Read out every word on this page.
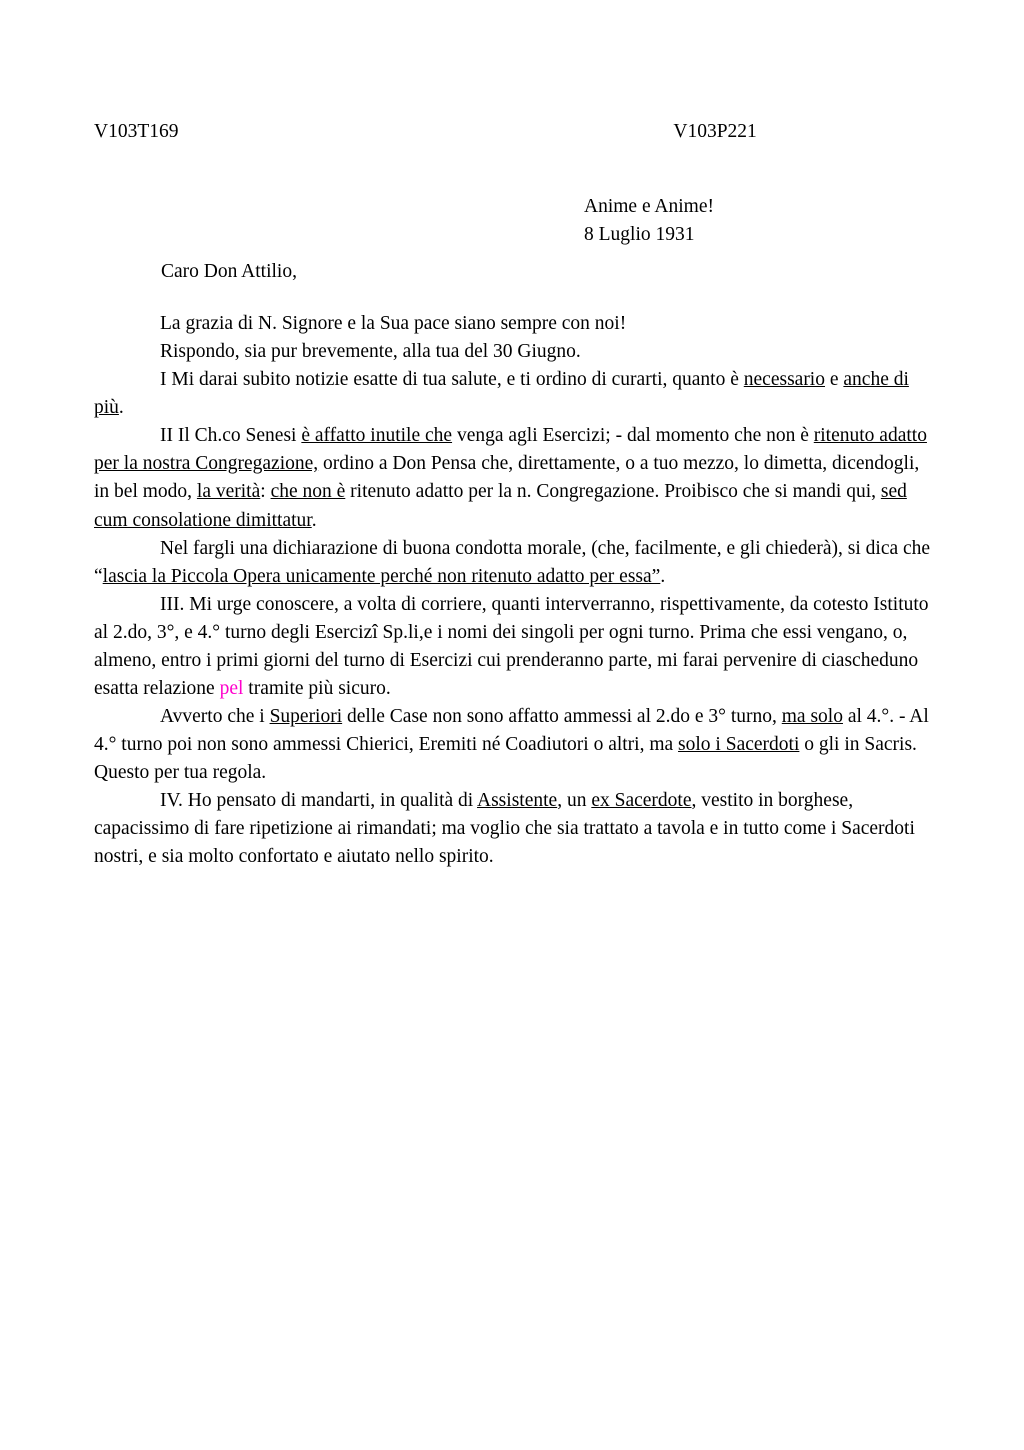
V103T169	V103P221
Anime e Anime!
8 Luglio 1931
Caro Don Attilio,

La grazia di N. Signore e la Sua pace siano sempre con noi!
Rispondo, sia pur brevemente, alla tua del 30 Giugno.

I Mi darai subito notizie esatte di tua salute, e ti ordino di curarti, quanto è necessario e anche di più.

II Il Ch.co Senesi è affatto inutile che venga agli Esercizi; - dal momento che non è ritenuto adatto per la nostra Congregazione, ordino a Don Pensa che, direttamente, o a tuo mezzo, lo dimetta, dicendogli, in bel modo, la verità: che non è ritenuto adatto per la n. Congregazione. Proibisco che si mandi qui, sed cum consolatione dimittatur.

Nel fargli una dichiarazione di buona condotta morale, (che, facilmente, e gli chiederà), si dica che “lascia la Piccola Opera unicamente perché non ritenuto adatto per essa”.

III. Mi urge conoscere, a volta di corriere, quanti interverranno, rispettivamente, da cotesto Istituto al 2.do, 3°, e 4.° turno degli Esercizî Sp.li,e i nomi dei singoli per ogni turno. Prima che essi vengano, o, almeno, entro i primi giorni del turno di Esercizi cui prenderanno parte, mi farai pervenire di ciascheduno esatta relazione pel tramite più sicuro.

Avverto che i Superiori delle Case non sono affatto ammessi al 2.do e 3° turno, ma solo al 4.°. - Al 4.° turno poi non sono ammessi Chierici, Eremiti né Coadiutori o altri, ma solo i Sacerdoti o gli in Sacris. Questo per tua regola.

IV. Ho pensato di mandarti, in qualità di Assistente, un ex Sacerdote, vestito in borghese, capacissimo di fare ripetizione ai rimandati; ma voglio che sia trattato a tavola e in tutto come i Sacerdoti nostri, e sia molto confortato e aiutato nello spirito.
